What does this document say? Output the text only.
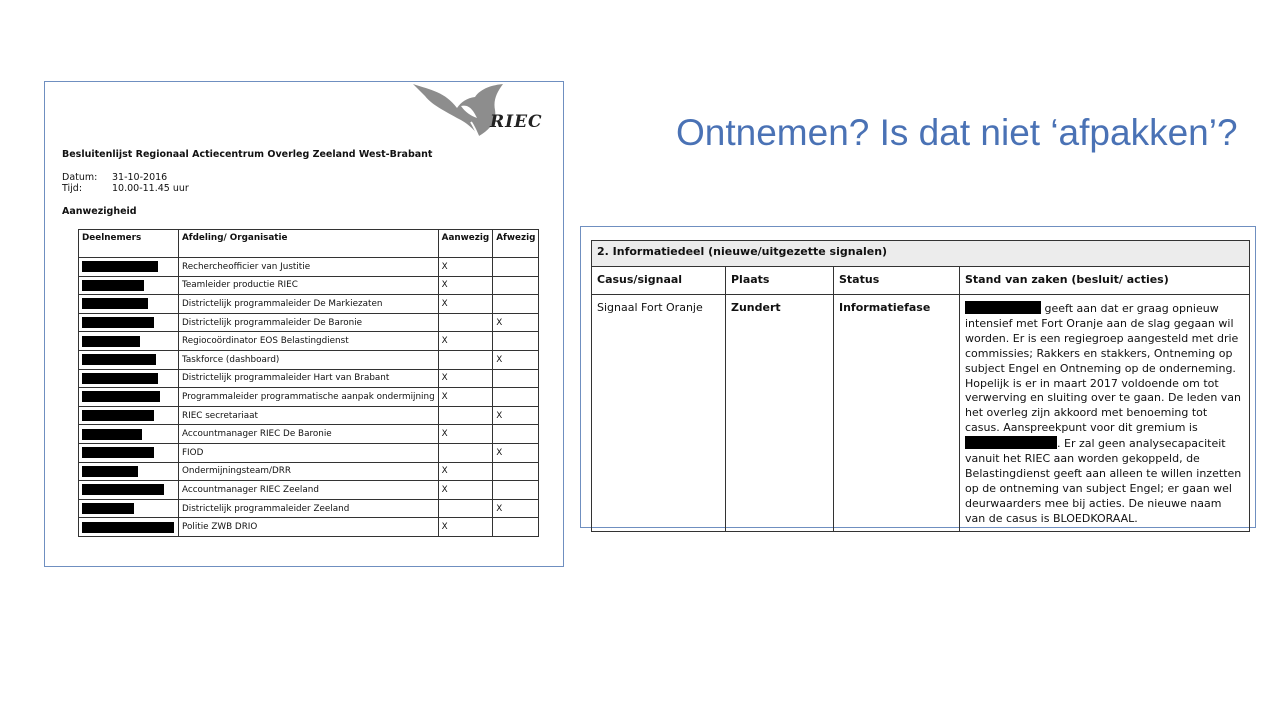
Ontnemen? Is dat niet ‘afpakken’?
RIEC
Besluitenlijst Regionaal Actiecentrum Overleg Zeeland West-Brabant
Datum: 31-10-2016
Tijd:	10.00-11.45 uur
Aanwezigheid
Deelnemers	Afdeling/ Organisatie	Aanwezig	Afwezig
	Rechercheofficier van Justitie	X	
	Teamleider productie RIEC	X	
	Districtelijk programmaleider De Markiezaten	X	
	Districtelijk programmaleider De Baronie		X
	Regiocoördinator EOS Belastingdienst	X	
	Taskforce (dashboard)		X
	Districtelijk programmaleider Hart van Brabant	X	
	Programmaleider programmatische aanpak ondermijning	X	
	RIEC secretariaat		X
	Accountmanager RIEC De Baronie	X	
	FIOD		X
	Ondermijningsteam/DRR	X	
	Accountmanager RIEC Zeeland	X	
	Districtelijk programmaleider Zeeland		X
	Politie ZWB DRIO	X	
2. Informatiedeel (nieuwe/uitgezette signalen)			
Casus/signaal	Plaats	Status	Stand van zaken (besluit/ acties)
Signaal Fort Oranje	Zundert	Informatiefase	geeft aan dat er graag opnieuw intensief met Fort Oranje aan de slag gegaan wil worden. Er is een regiegroep aangesteld met drie commissies; Rakkers en stakkers, Ontneming op subject Engel en Ontneming op de onderneming. Hopelijk is er in maart 2017 voldoende om tot verwerving en sluiting over te gaan. De leden van het overleg zijn akkoord met benoeming tot casus. Aanspreekpunt voor dit gremium is . Er zal geen analysecapaciteit vanuit het RIEC aan worden gekoppeld, de Belastingdienst geeft aan alleen te willen inzetten op de ontneming van subject Engel; er gaan wel deurwaarders mee bij acties. De nieuwe naam van de casus is BLOEDKORAAL.
